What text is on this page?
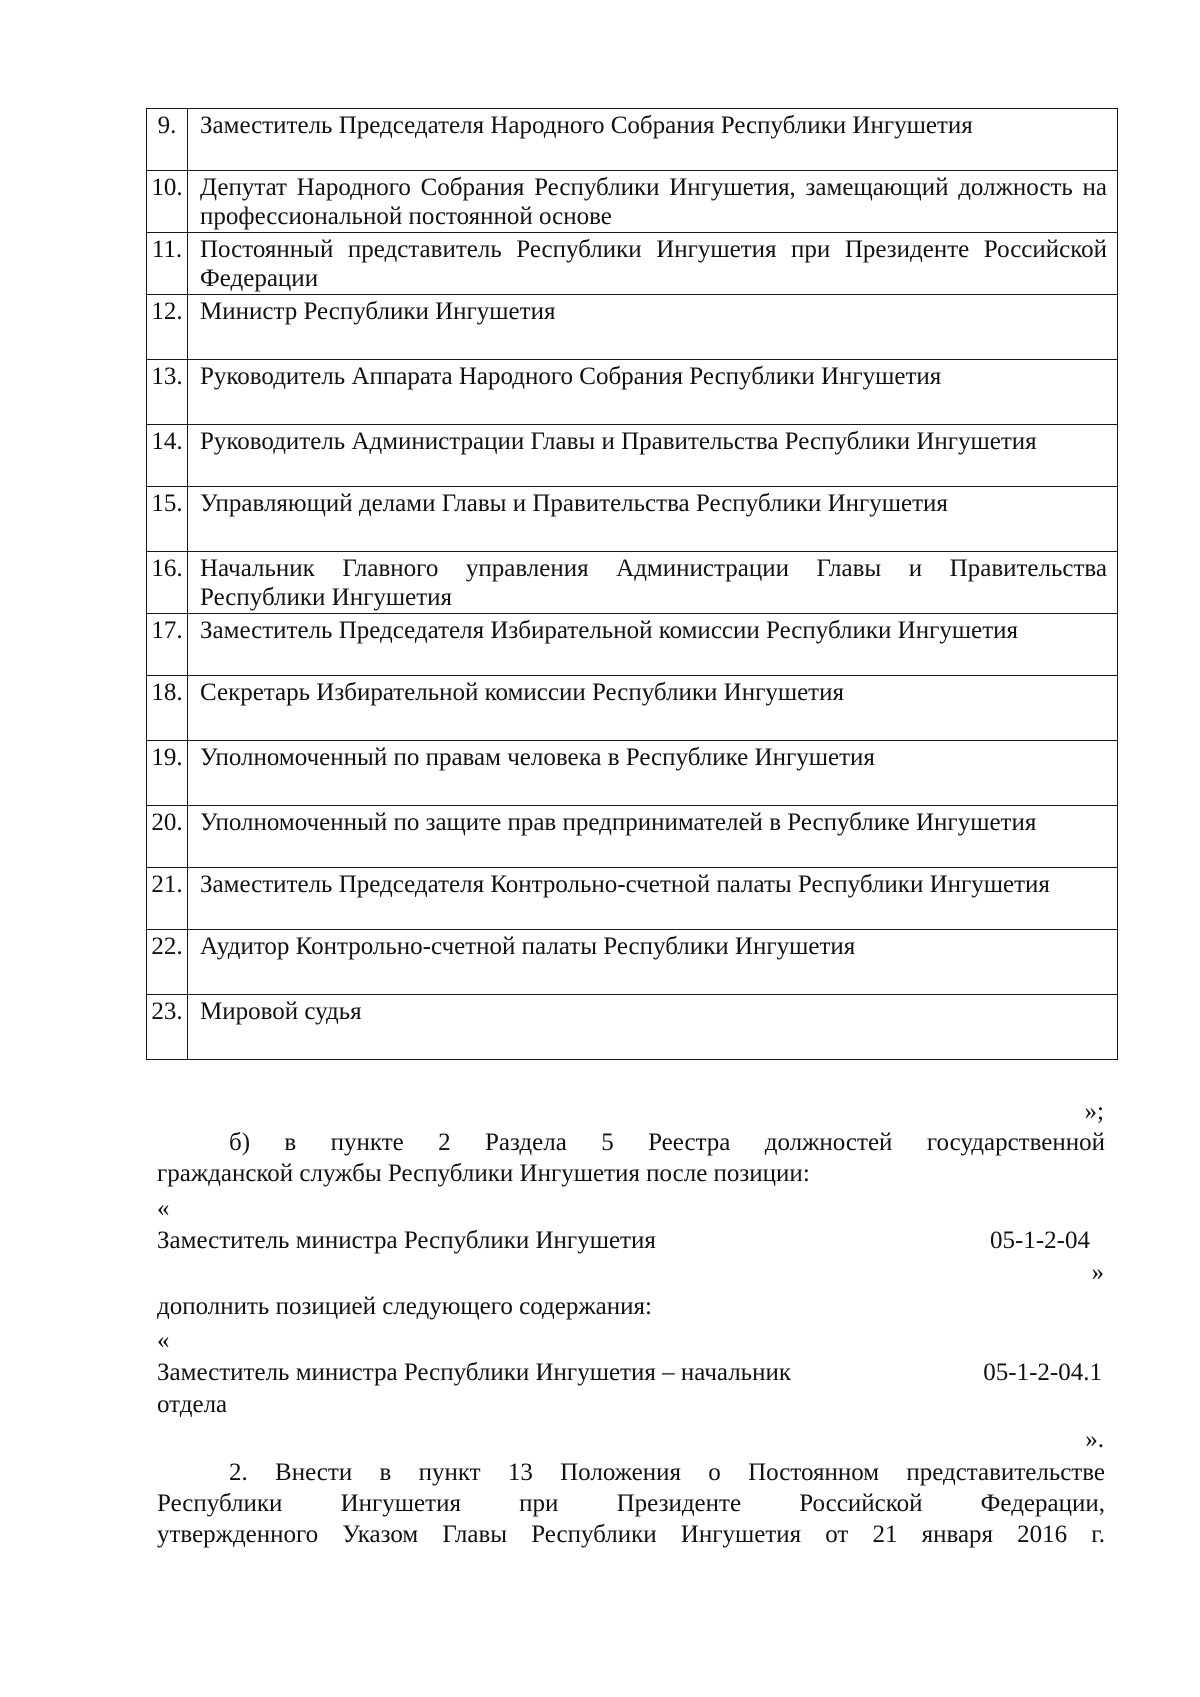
9.	Заместитель Председателя Народного Собрания Республики Ингушетия
10.	Депутат Народного Собрания Республики Ингушетия, замещающий должность на профессиональной постоянной основе
11.	Постоянный представитель Республики Ингушетия при Президенте Российской Федерации
12.	Министр Республики Ингушетия
13.	Руководитель Аппарата Народного Собрания Республики Ингушетия
14.	Руководитель Администрации Главы и Правительства Республики Ингушетия
15.	Управляющий делами Главы и Правительства Республики Ингушетия
16.	Начальник Главного управления Администрации Главы и Правительства Республики Ингушетия
17.	Заместитель Председателя Избирательной комиссии Республики Ингушетия
18.	Секретарь Избирательной комиссии Республики Ингушетия
19.	Уполномоченный по правам человека в Республике Ингушетия
20.	Уполномоченный по защите прав предпринимателей в Республике Ингушетия
21.	Заместитель Председателя Контрольно-счетной палаты Республики Ингушетия
22.	Аудитор Контрольно-счетной палаты Республики Ингушетия
23.	Мировой судья
»;
б) в пункте 2 Раздела 5 Реестра должностей государственной
гражданской службы Республики Ингушетия после позиции:
«
Заместитель министра Республики Ингушетия	05-1-2-04
»
дополнить позицией следующего содержания:
«
Заместитель министра Республики Ингушетия – начальник	05-1-2-04.1
отдела
».
2. Внести в пункт 13 Положения о Постоянном представительстве
Республики Ингушетия при Президенте Российской Федерации,
утвержденного Указом Главы Республики Ингушетия от 21 января 2016 г.
